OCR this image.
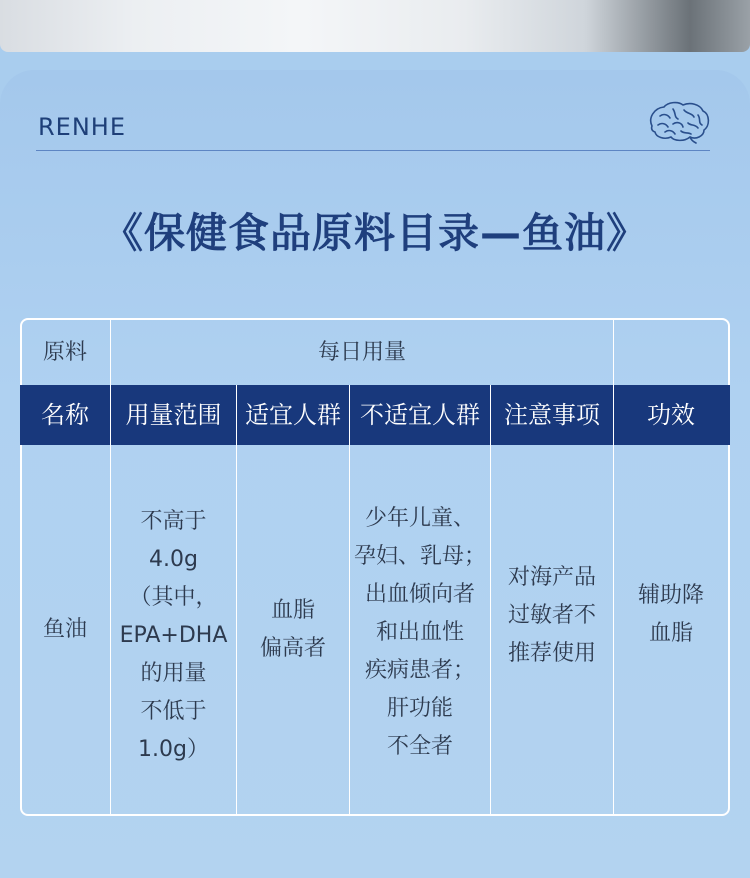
RENHE
《保健食品原料目录—鱼油》
原料	每日用量
名称 用量范围 适宜人群 不适宜人群 注意事项 功效
鱼油
不高于
4.0g
（其中，
EPA+DHA
的用量
不低于
1.0g）
血脂
偏高者
少年儿童、
孕妇、乳母；
出血倾向者
和出血性
疾病患者；
肝功能
不全者
对海产品
过敏者不
推荐使用
辅助降
血脂
